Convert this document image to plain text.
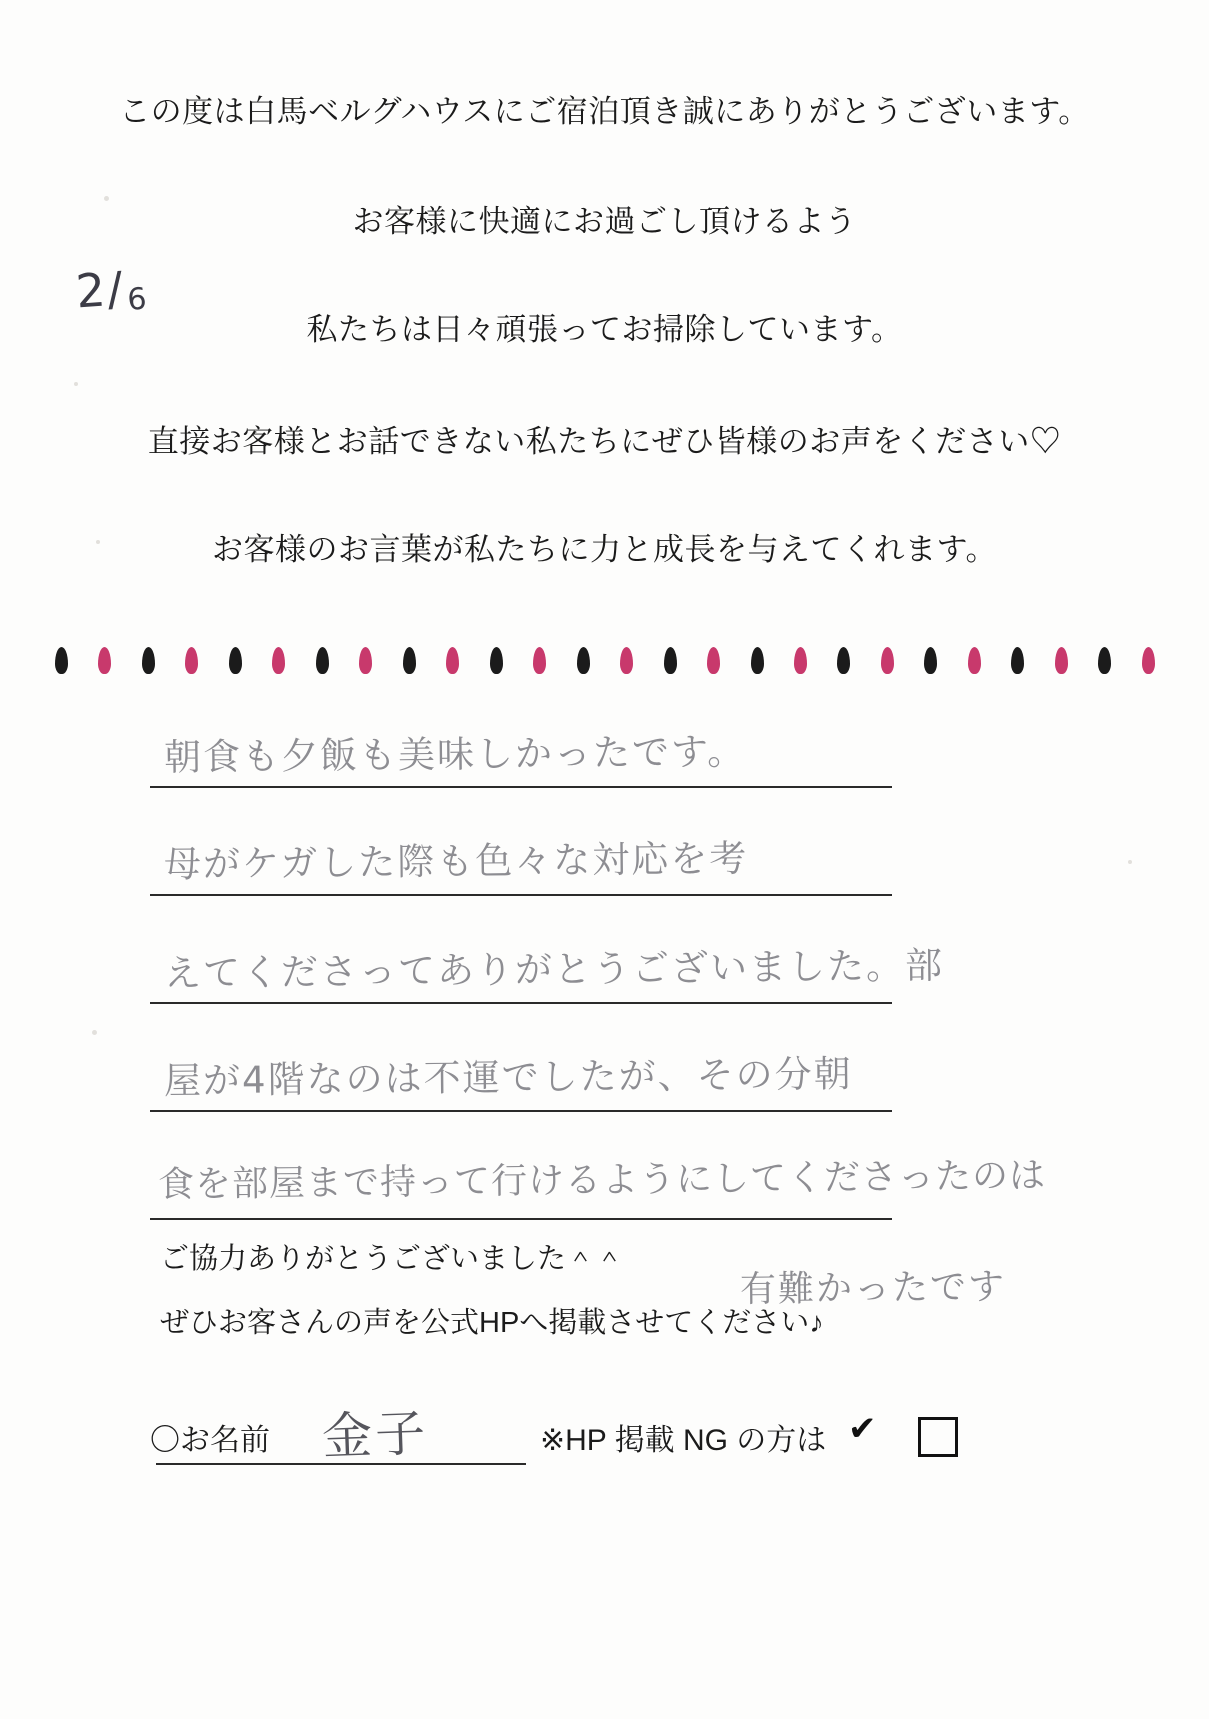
この度は白馬ベルグハウスにご宿泊頂き誠にありがとうございます。
お客様に快適にお過ごし頂けるよう
私たちは日々頑張ってお掃除しています。
直接お客様とお話できない私たちにぜひ皆様のお声をください♡
お客様のお言葉が私たちに力と成長を与えてくれます。
2/6
朝食も夕飯も美味しかったです。
母がケガした際も色々な対応を考
えてくださってありがとうございました。部
屋が4階なのは不運でしたが、その分朝
食を部屋まで持って行けるようにしてくださったのは
有難かったです
ご協力ありがとうございました＾＾
ぜひお客さんの声を公式HPへ掲載させてください♪
〇お名前 金子	※HP 掲載 NG の方は ✔
